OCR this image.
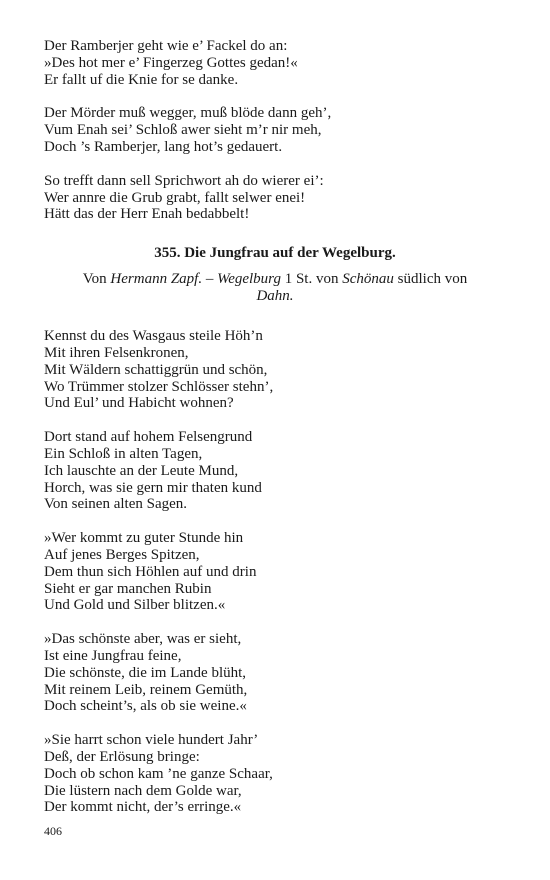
Der Ramberjer geht wie e’ Fackel do an:
»Des hot mer e’ Fingerzeg Gottes gedan!«
Er fallt uf die Knie for se danke.
Der Mörder muß wegger, muß blöde dann geh’,
Vum Enah sei’ Schloß awer sieht m’r nir meh,
Doch ’s Ramberjer, lang hot’s gedauert.
So trefft dann sell Sprichwort ah do wierer ei’:
Wer annre die Grub grabt, fallt selwer enei!
Hätt das der Herr Enah bedabbelt!
355. Die Jungfrau auf der Wegelburg.
Von Hermann Zapf. – Wegelburg 1 St. von Schönau südlich von
Dahn.
Kennst du des Wasgaus steile Höh’n
Mit ihren Felsenkronen,
Mit Wäldern schattiggrün und schön,
Wo Trümmer stolzer Schlösser stehn’,
Und Eul’ und Habicht wohnen?
Dort stand auf hohem Felsengrund
Ein Schloß in alten Tagen,
Ich lauschte an der Leute Mund,
Horch, was sie gern mir thaten kund
Von seinen alten Sagen.
»Wer kommt zu guter Stunde hin
Auf jenes Berges Spitzen,
Dem thun sich Höhlen auf und drin
Sieht er gar manchen Rubin
Und Gold und Silber blitzen.«
»Das schönste aber, was er sieht,
Ist eine Jungfrau feine,
Die schönste, die im Lande blüht,
Mit reinem Leib, reinem Gemüth,
Doch scheint’s, als ob sie weine.«
»Sie harrt schon viele hundert Jahr’
Deß, der Erlösung bringe:
Doch ob schon kam ’ne ganze Schaar,
Die lüstern nach dem Golde war,
Der kommt nicht, der’s erringe.«
406
